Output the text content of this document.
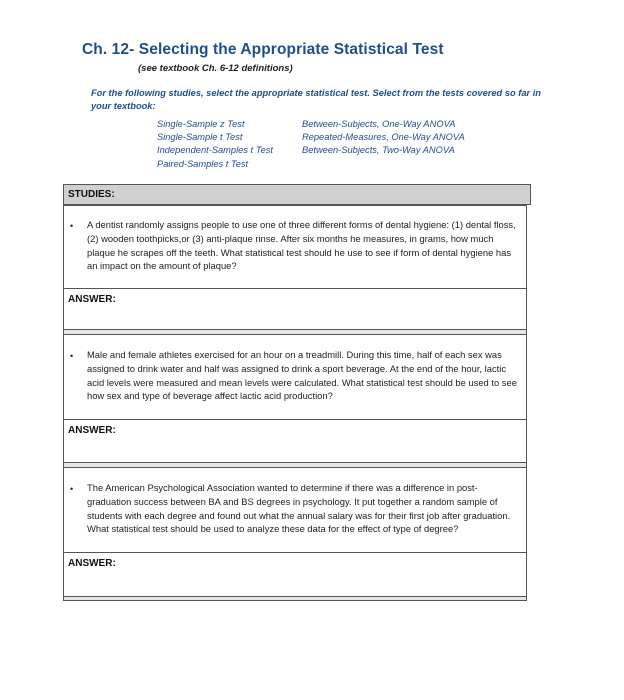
Ch. 12- Selecting the Appropriate Statistical Test
(see textbook Ch. 6-12 definitions)
For the following studies, select the appropriate statistical test. Select from the tests covered so far in your textbook:
Single-Sample z Test
Single-Sample t Test
Independent-Samples t Test
Paired-Samples t Test
Between-Subjects, One-Way ANOVA
Repeated-Measures, One-Way ANOVA
Between-Subjects, Two-Way ANOVA
STUDIES:
• A dentist randomly assigns people to use one of three different forms of dental hygiene: (1) dental floss, (2) wooden toothpicks,or (3) anti-plaque rinse. After six months he measures, in grams, how much plaque he scrapes off the teeth. What statistical test should he use to see if form of dental hygiene has an impact on the amount of plaque?
ANSWER:
• Male and female athletes exercised for an hour on a treadmill. During this time, half of each sex was assigned to drink water and half was assigned to drink a sport beverage. At the end of the hour, lactic acid levels were measured and mean levels were calculated. What statistical test should be used to see how sex and type of beverage affect lactic acid production?
ANSWER:
• The American Psychological Association wanted to determine if there was a difference in post-graduation success between BA and BS degrees in psychology. It put together a random sample of students with each degree and found out what the annual salary was for their first job after graduation. What statistical test should be used to analyze these data for the effect of type of degree?
ANSWER:
